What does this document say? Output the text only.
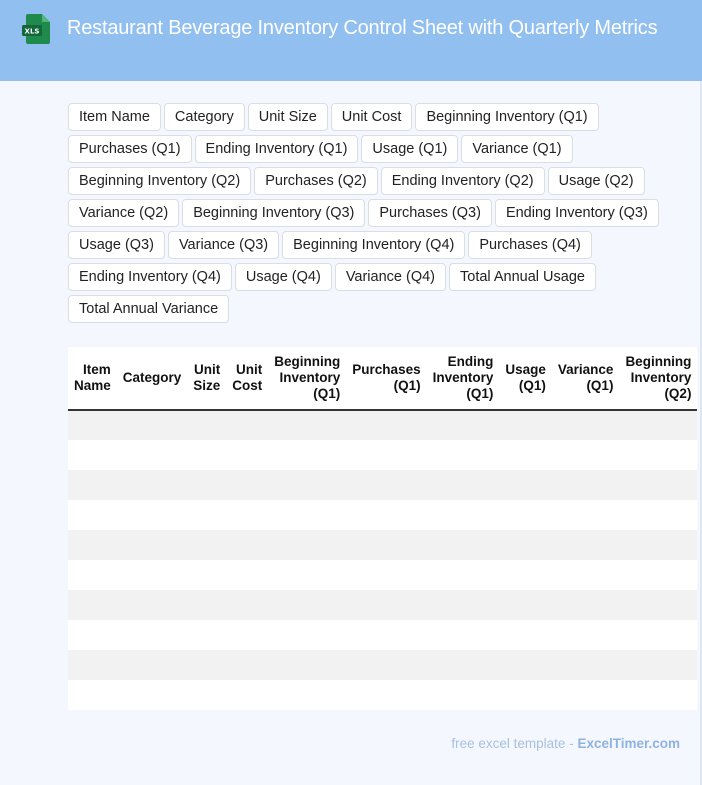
XLS	Restaurant Beverage Inventory Control Sheet with Quarterly Metrics
Item Name	Category	Unit Size	Unit Cost	Beginning Inventory (Q1)
Purchases (Q1)	Ending Inventory (Q1)	Usage (Q1)	Variance (Q1)
Beginning Inventory (Q2)	Purchases (Q2)	Ending Inventory (Q2)	Usage (Q2)
Variance (Q2)	Beginning Inventory (Q3)	Purchases (Q3)	Ending Inventory (Q3)
Usage (Q3)	Variance (Q3)	Beginning Inventory (Q4)	Purchases (Q4)
Ending Inventory (Q4)	Usage (Q4)	Variance (Q4)	Total Annual Usage
Total Annual Variance
Item Name	Category	Unit Size	Unit Cost	Beginning Inventory (Q1)	Purchases (Q1)	Ending Inventory (Q1)	Usage (Q1)	Variance (Q1)	Beginning Inventory (Q2)

free excel template - ExcelTimer.com
